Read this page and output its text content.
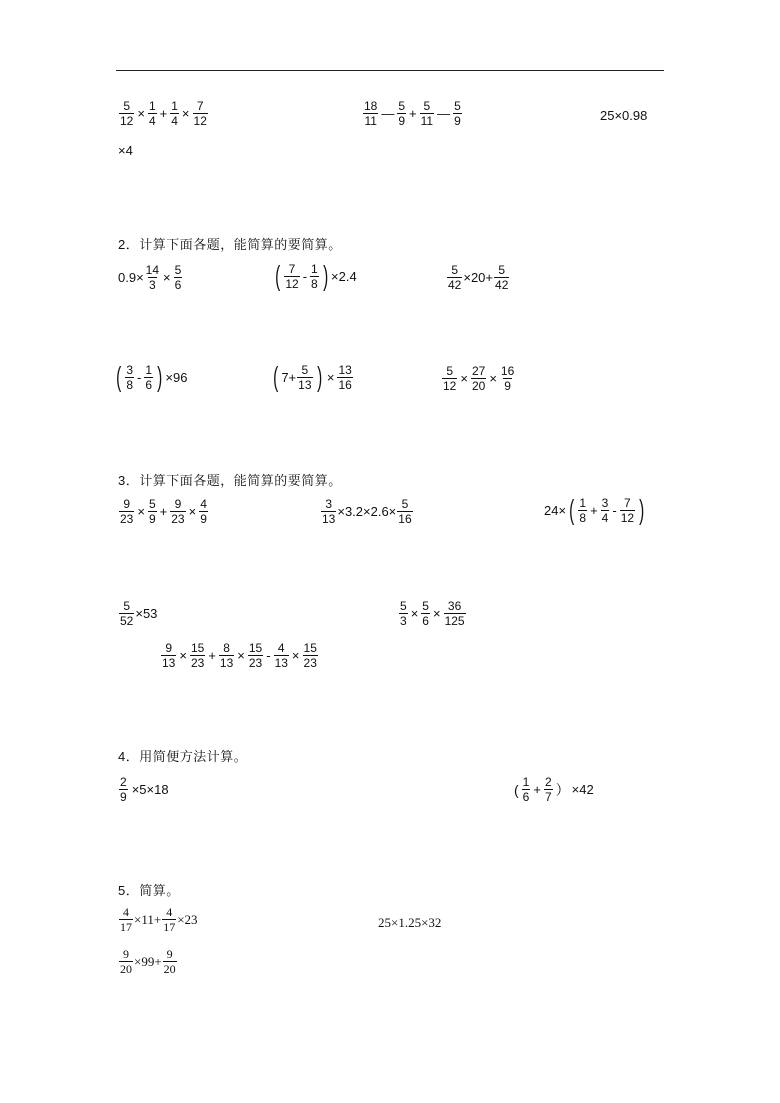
$\frac{5}{12} \times \frac{1}{4} + \frac{1}{4} \times \frac{7}{12}$
×4
$\frac{18}{11}$ — $\frac{5}{9} + \frac{5}{11}$ — $\frac{5}{9}$	25×0.98
2．计算下面各题，能简算的要简算。
$0.9\times \frac{14}{3} \times \frac{5}{6}$	( $\frac{7}{12} - \frac{1}{8}$ ) ×2.4	$\frac{5}{42} \times 20+ \frac{5}{42}$
( $\frac{3}{8} - \frac{1}{6}$ ) ×96	( $7+ \frac{5}{13}$ ) × $\frac{13}{16}$	$\frac{5}{12} \times \frac{27}{20} \times \frac{16}{9}$
3．计算下面各题，能简算的要简算。
$\frac{9}{23} \times \frac{5}{9} + \frac{9}{23} \times \frac{4}{9}$	$\frac{3}{13} \times 3.2\times 2.6\times \frac{5}{16}$	24× ( $\frac{1}{8} + \frac{3}{4} - \frac{7}{12}$ )
$\frac{5}{52} \times 53$	$\frac{5}{3} \times \frac{5}{6} \times \frac{36}{125}$
$\frac{9}{13} \times \frac{15}{23} + \frac{8}{13} \times \frac{15}{23} - \frac{4}{13} \times \frac{15}{23}$
4．用简便方法计算。
$\frac{2}{9} \times 5\times 18$	( $\frac{1}{6} + \frac{2}{7}$ ） ×42
5．简算。
$\frac{4}{17} \times 11+ \frac{4}{17} \times 23$	25×1.25×32
$\frac{9}{20} \times 99+ \frac{9}{20}$
